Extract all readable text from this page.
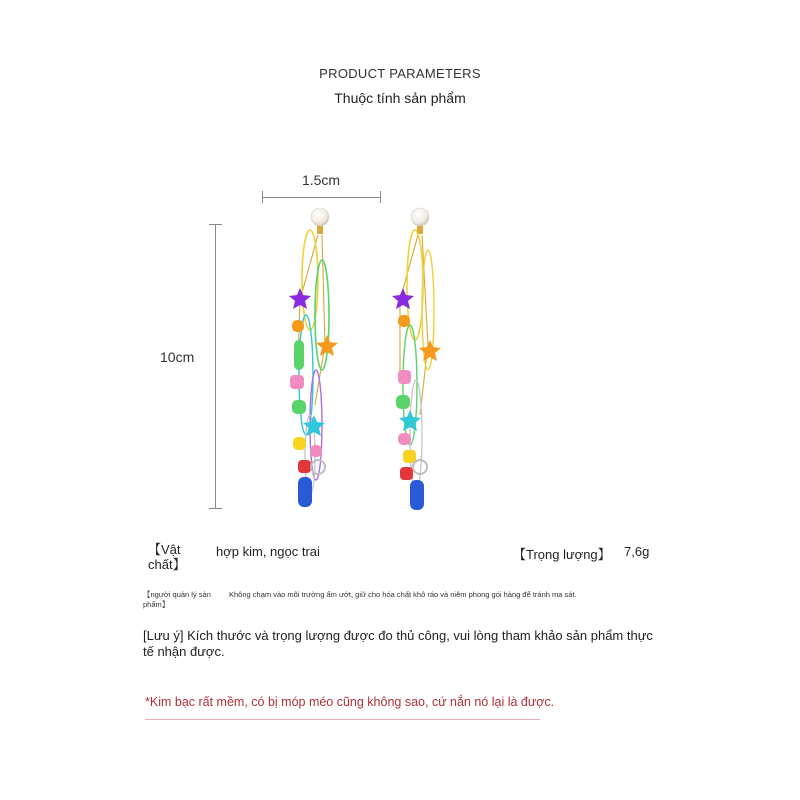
PRODUCT PARAMETERS
Thuộc tính sản phẩm
1.5cm
10cm
【Vật chất】
hợp kim, ngọc trai	【Trọng lượng】 7,6g
【người quản lý sản phẩm】
Không chạm vào môi trường ẩm ướt, giữ cho hóa chất khô ráo và niêm phong gói hàng để tránh ma sát.
[Lưu ý] Kích thước và trọng lượng được đo thủ công, vui lòng tham khảo sản phẩm thực tế nhận được.
*Kim bạc rất mềm, có bị móp méo cũng không sao, cứ nắn nó lại là được.
